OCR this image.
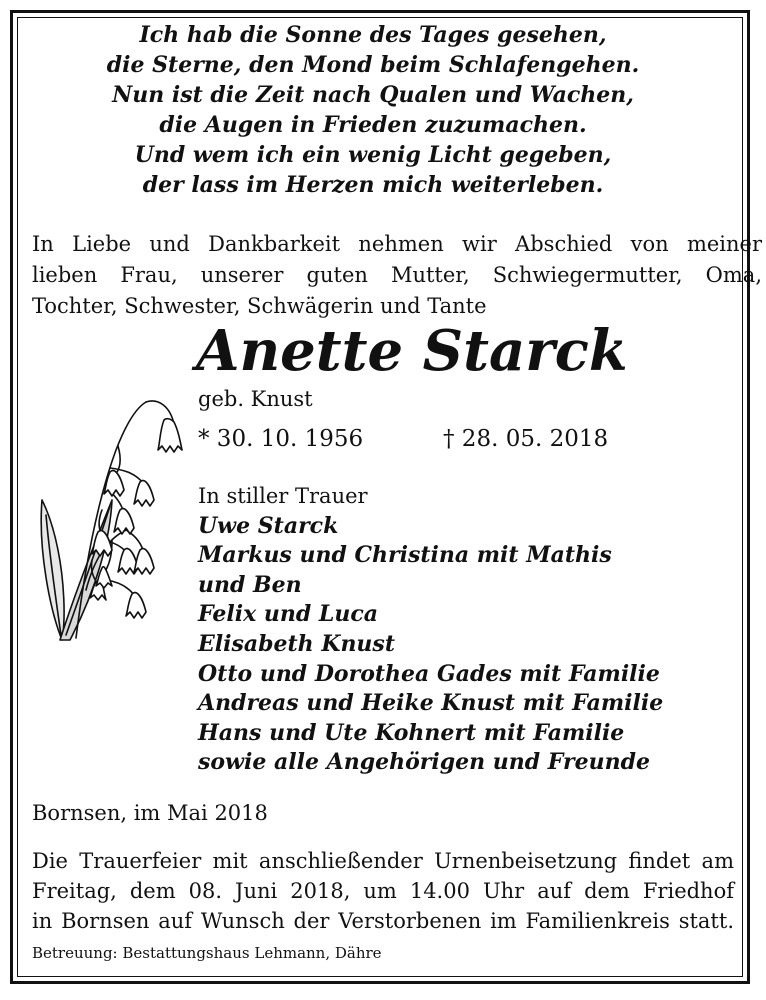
Ich hab die Sonne des Tages gesehen,
die Sterne, den Mond beim Schlafengehen.
Nun ist die Zeit nach Qualen und Wachen,
die Augen in Frieden zuzumachen.
Und wem ich ein wenig Licht gegeben,
der lass im Herzen mich weiterleben.
In Liebe und Dankbarkeit nehmen wir Abschied von meiner
lieben Frau, unserer guten Mutter, Schwiegermutter, Oma,
Tochter, Schwester, Schwägerin und Tante
Anette Starck
geb. Knust
* 30. 10. 1956	† 28. 05. 2018
In stiller Trauer
Uwe Starck
Markus und Christina mit Mathis
und Ben
Felix und Luca
Elisabeth Knust
Otto und Dorothea Gades mit Familie
Andreas und Heike Knust mit Familie
Hans und Ute Kohnert mit Familie
sowie alle Angehörigen und Freunde
Bornsen, im Mai 2018
Die Trauerfeier mit anschließender Urnenbeisetzung findet am
Freitag, dem 08. Juni 2018, um 14.00 Uhr auf dem Friedhof
in Bornsen auf Wunsch der Verstorbenen im Familienkreis statt.
Betreuung: Bestattungshaus Lehmann, Dähre
